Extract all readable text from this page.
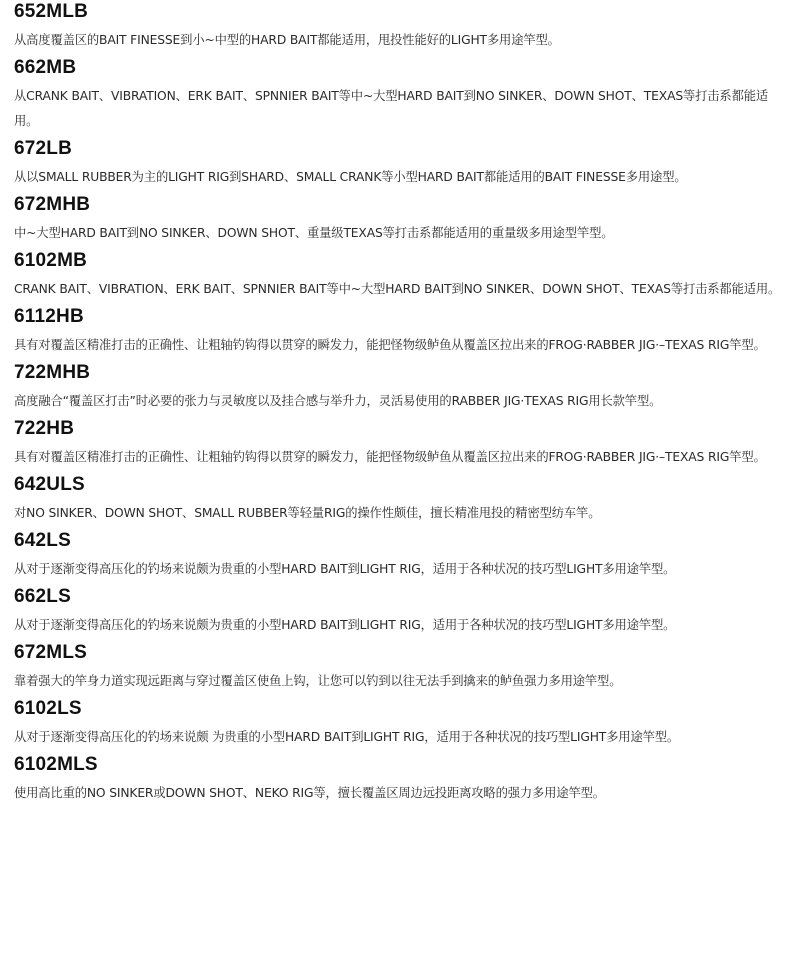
652MLB
从高度覆盖区的BAIT FINESSE到小~中型的HARD BAIT都能适用，甩投性能好的LIGHT多用途竿型。
662MB
从CRANK BAIT、VIBRATION、ERK BAIT、SPNNIER BAIT等中~大型HARD BAIT到NO SINKER、DOWN SHOT、TEXAS等打击系都能适用。
672LB
从以SMALL RUBBER为主的LIGHT RIG到SHARD、SMALL CRANK等小型HARD BAIT都能适用的BAIT FINESSE多用途型。
672MHB
中~大型HARD BAIT到NO SINKER、DOWN SHOT、重量级TEXAS等打击系都能适用的重量级多用途型竿型。
6102MB
CRANK BAIT、VIBRATION、ERK BAIT、SPNNIER BAIT等中~大型HARD BAIT到NO SINKER、DOWN SHOT、TEXAS等打击系都能适用。
6112HB
具有对覆盖区精准打击的正确性、让粗轴钓钩得以贯穿的瞬发力，能把怪物级鲈鱼从覆盖区拉出来的FROG·RABBER JIG·–TEXAS RIG竿型。
722MHB
高度融合“覆盖区打击”时必要的张力与灵敏度以及挂合感与举升力，灵活易使用的RABBER JIG·TEXAS RIG用长款竿型。
722HB
具有对覆盖区精准打击的正确性、让粗轴钓钩得以贯穿的瞬发力，能把怪物级鲈鱼从覆盖区拉出来的FROG·RABBER JIG·–TEXAS RIG竿型。
642ULS
对NO SINKER、DOWN SHOT、SMALL RUBBER等轻量RIG的操作性颇佳，擅长精准甩投的精密型纺车竿。
642LS
从对于逐渐变得高压化的钓场来说颇为贵重的小型HARD BAIT到LIGHT RIG，适用于各种状况的技巧型LIGHT多用途竿型。
662LS
从对于逐渐变得高压化的钓场来说颇为贵重的小型HARD BAIT到LIGHT RIG，适用于各种状况的技巧型LIGHT多用途竿型。
672MLS
靠着强大的竿身力道实现远距离与穿过覆盖区使鱼上钩，让您可以钓到以往无法手到擒来的鲈鱼强力多用途竿型。
6102LS
从对于逐渐变得高压化的钓场来说颇 为贵重的小型HARD BAIT到LIGHT RIG，适用于各种状况的技巧型LIGHT多用途竿型。
6102MLS
使用高比重的NO SINKER或DOWN SHOT、NEKO RIG等，擅长覆盖区周边远投距离攻略的强力多用途竿型。
